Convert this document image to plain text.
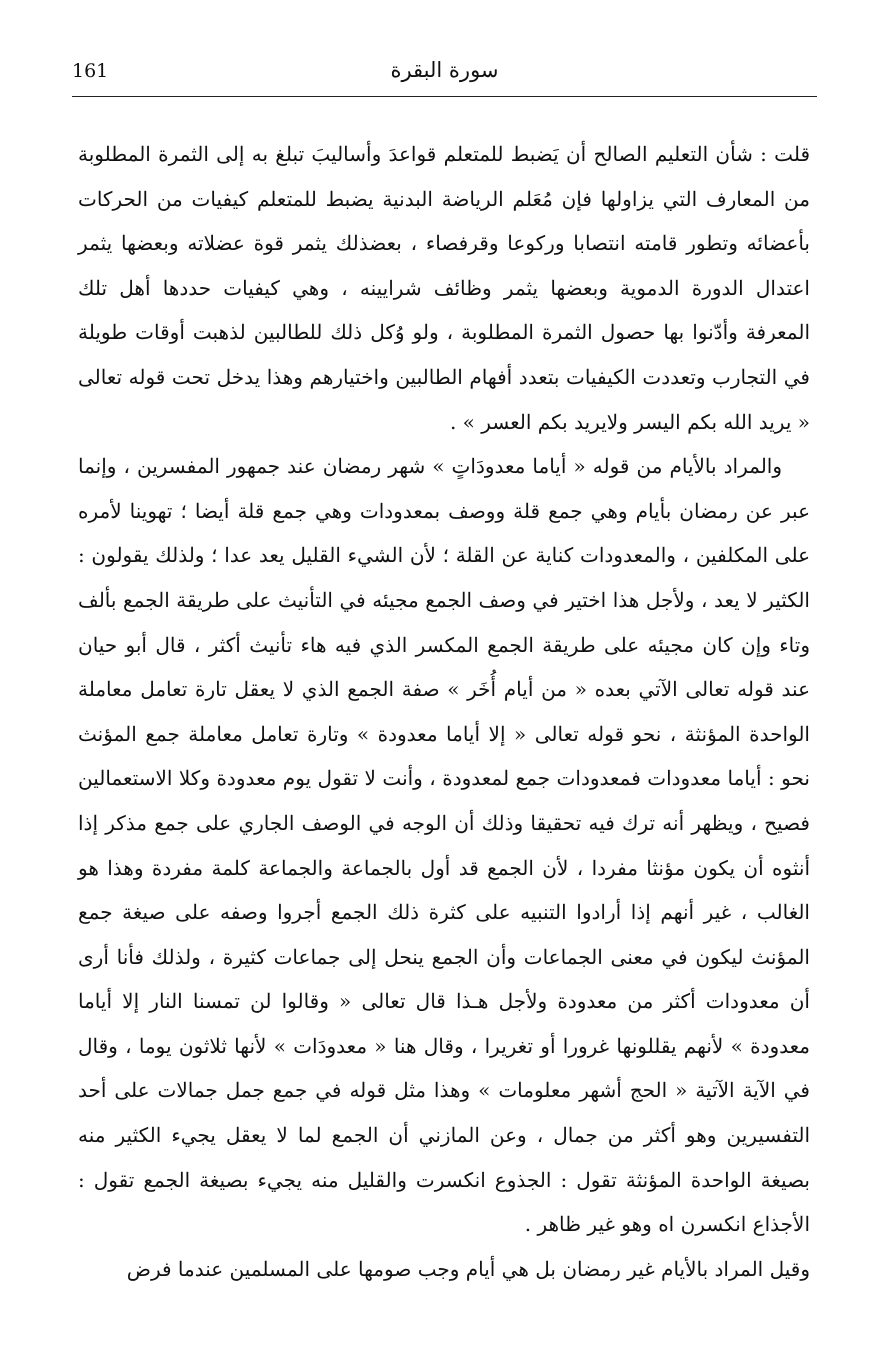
161	سورة البقرة

قلت : شأن التعليم الصالح أن يَضبط للمتعلم قواعدَ وأساليبَ تبلغ به إلى الثمرة المطلوبة من المعارف التي يزاولها فإن مُعَلم الرياضة البدنية يضبط للمتعلم كيفيات من الحركات بأعضائه وتطور قامته انتصابا وركوعا وقرفصاء ، بعضذلك يثمر قوة عضلاته وبعضها يثمر اعتدال الدورة الدموية وبعضها يثمر وظائف شرايينه ، وهي كيفيات حددها أهل تلك المعرفة وأدّنوا بها حصول الثمرة المطلوبة ، ولو وُكل ذلك للطالبين لذهبت أوقات طويلة في التجارب وتعددت الكيفيات بتعدد أفهام الطالبين واختيارهم وهذا يدخل تحت قوله تعالى « يريد الله بكم اليسر ولايريد بكم العسر » .

والمراد بالأيام من قوله « أياما معدودَاتٍ » شهر رمضان عند جمهور المفسرين ، وإنما عبر عن رمضان بأيام وهي جمع قلة ووصف بمعدودات وهي جمع قلة أيضا ؛ تهوينا لأمره على المكلفين ، والمعدودات كناية عن القلة ؛ لأن الشيء القليل يعد عدا ؛ ولذلك يقولون : الكثير لا يعد ، ولأجل هذا اختير في وصف الجمع مجيئه في التأنيث على طريقة الجمع بألف وتاء وإن كان مجيئه على طريقة الجمع المكسر الذي فيه هاء تأنيث أكثر ، قال أبو حيان عند قوله تعالى الآتي بعده « من أيام أُخَر » صفة الجمع الذي لا يعقل تارة تعامل معاملة الواحدة المؤنثة ، نحو قوله تعالى « إلا أياما معدودة » وتارة تعامل معاملة جمع المؤنث نحو : أياما معدودات فمعدودات جمع لمعدودة ، وأنت لا تقول يوم معدودة وكلا الاستعمالين فصيح ، ويظهر أنه ترك فيه تحقيقا وذلك أن الوجه في الوصف الجاري على جمع مذكر إذا أنثوه أن يكون مؤنثا مفردا ، لأن الجمع قد أول بالجماعة والجماعة كلمة مفردة وهذا هو الغالب ، غير أنهم إذا أرادوا التنبيه على كثرة ذلك الجمع أجروا وصفه على صيغة جمع المؤنث ليكون في معنى الجماعات وأن الجمع ينحل إلى جماعات كثيرة ، ولذلك فأنا أرى أن معدودات أكثر من معدودة ولأجل هـذا قال تعالى « وقالوا لن تمسنا النار إلا أياما معدودة » لأنهم يقللونها غرورا أو تغريرا ، وقال هنا « معدودَات » لأنها ثلاثون يوما ، وقال في الآية الآتية « الحج أشهر معلومات » وهذا مثل قوله في جمع جمل جمالات على أحد التفسيرين وهو أكثر من جمال ، وعن المازني أن الجمع لما لا يعقل يجيء الكثير منه بصيغة الواحدة المؤنثة تقول : الجذوع انكسرت والقليل منه يجيء بصيغة الجمع تقول : الأجذاع انكسرن اه وهو غير ظاهر .

وقيل المراد بالأيام غير رمضان بل هي أيام وجب صومها على المسلمين عندما فرض
